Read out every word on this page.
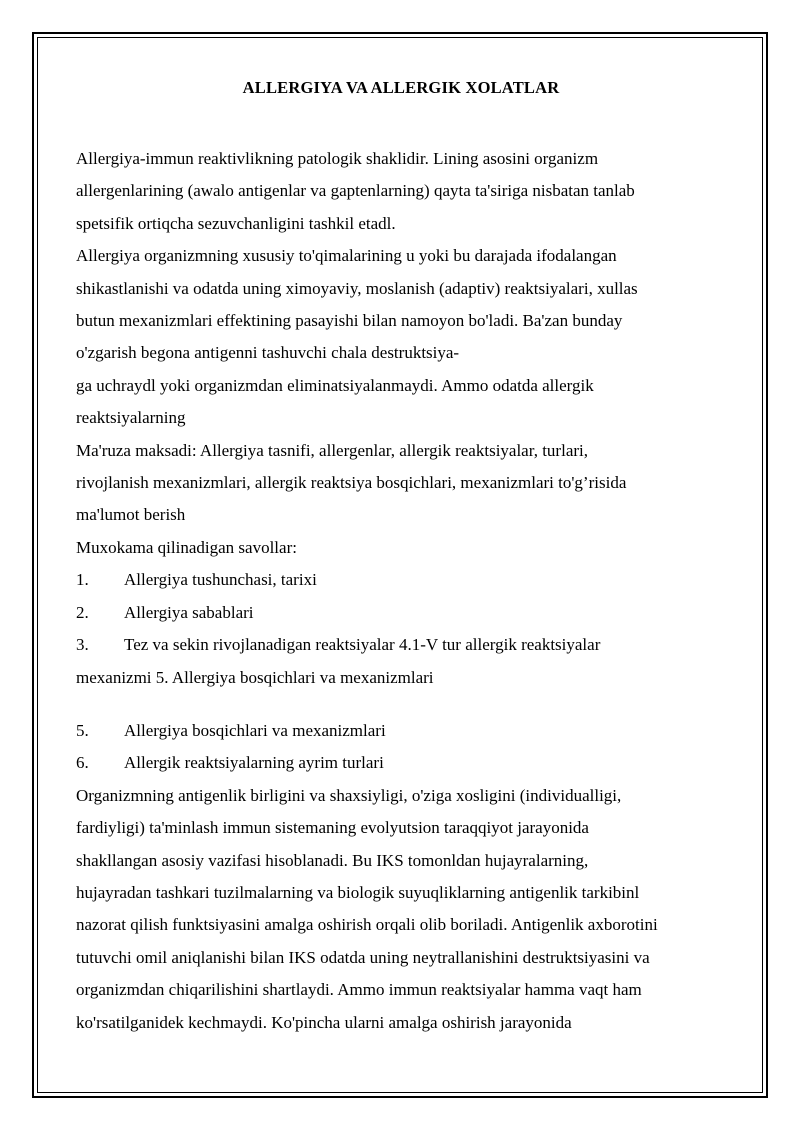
ALLERGIYA VA ALLERGIK XOLATLAR

Allergiya-immun reaktivlikning patologik shaklidir. Lining asosini organizm

allergenlarining (awalo antigenlar va gaptenlarning) qayta ta'siriga nisbatan tanlab

spetsifik ortiqcha sezuvchanligini tashkil etadl.

Allergiya organizmning xususiy to'qimalarining u yoki bu darajada ifodalangan

shikastlanishi va odatda uning ximoyaviy, moslanish (adaptiv) reaktsiyalari, xullas

butun mexanizmlari effektining pasayishi bilan namoyon bo'ladi. Ba'zan bunday

o'zgarish begona antigenni tashuvchi chala destruktsiya-

ga uchraydl yoki organizmdan eliminatsiyalanmaydi. Ammo odatda allergik

reaktsiyalarning

Ma'ruza maksadi: Allergiya tasnifi, allergenlar, allergik reaktsiyalar, turlari,

rivojlanish mexanizmlari, allergik reaktsiya bosqichlari, mexanizmlari to'g’risida

ma'lumot berish

Muxokama qilinadigan savollar:

1. Allergiya tushunchasi, tarixi

2. Allergiya sabablari

3. Tez va sekin rivojlanadigan reaktsiyalar 4.1-V tur allergik reaktsiyalar

mexanizmi 5. Allergiya bosqichlari va mexanizmlari

5. Allergiya bosqichlari va mexanizmlari

6. Allergik reaktsiyalarning ayrim turlari

Organizmning antigenlik birligini va shaxsiyligi, o'ziga xosligini (individualligi,

fardiyligi) ta'minlash immun sistemaning evolyutsion taraqqiyot jarayonida

shakllangan asosiy vazifasi hisoblanadi. Bu IKS tomonldan hujayralarning,

hujayradan tashkari tuzilmalarning va biologik suyuqliklarning antigenlik tarkibinl

nazorat qilish funktsiyasini amalga oshirish orqali olib boriladi. Antigenlik axborotini

tutuvchi omil aniqlanishi bilan IKS odatda uning neytrallanishini destruktsiyasini va

organizmdan chiqarilishini shartlaydi. Ammo immun reaktsiyalar hamma vaqt ham

ko'rsatilganidek kechmaydi. Ko'pincha ularni amalga oshirish jarayonida
